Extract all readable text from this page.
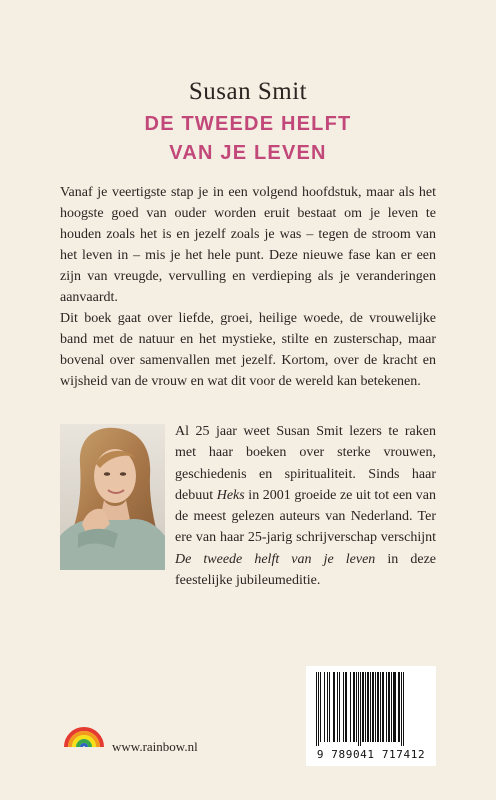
Susan Smit
DE TWEEDE HELFT
VAN JE LEVEN

Vanaf je veertigste stap je in een volgend hoofdstuk, maar als het hoogste goed van ouder worden eruit bestaat om je leven te houden zoals het is en jezelf zoals je was – tegen de stroom van het leven in – mis je het hele punt. Deze nieuwe fase kan er een zijn van vreugde, vervulling en verdieping als je veranderingen aanvaardt.

Dit boek gaat over liefde, groei, heilige woede, de vrouwelijke band met de natuur en het mystieke, stilte en zusterschap, maar bovenal over samenvallen met jezelf. Kortom, over de kracht en wijsheid van de vrouw en wat dit voor de wereld kan betekenen.

Al 25 jaar weet Susan Smit lezers te raken met haar boeken over sterke vrouwen, geschiedenis en spiritualiteit. Sinds haar debuut Heks in 2001 groeide ze uit tot een van de meest gelezen auteurs van Nederland. Ter ere van haar 25-jarig schrijverschap verschijnt De tweede helft van je leven in deze feestelijke jubileumeditie.

www.rainbow.nl
9 789041 717412
